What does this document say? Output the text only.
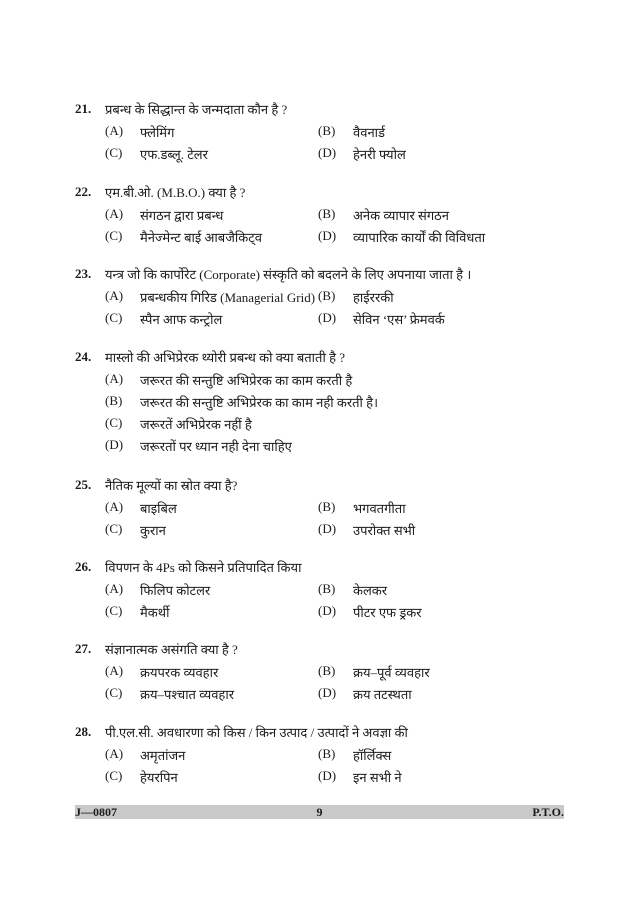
21.	प्रबन्ध के सिद्धान्त के जन्मदाता कौन है ?
(A)	फ्लेमिंग	(B)	वैवनार्ड
(C)	एफ.डब्लू. टेलर	(D)	हेनरी फ्योल
22.	एम.बी.ओ. (M.B.O.) क्या है ?
(A)	संगठन द्वारा प्रबन्ध	(B)	अनेक व्यापार संगठन
(C)	मैनेज्मेन्ट बाई आबजैकिट्व	(D)	व्यापारिक कार्यों की विविधता
23.	यन्त्र जो कि कार्पोरेट (Corporate) संस्कृति को बदलने के लिए अपनाया जाता है ।
(A)	प्रबन्धकीय गिरिड (Managerial Grid) (B)	हाईररकी
(C)	स्पैन आफ कन्ट्रोल	(D)	सेविन ‘एस’ फ्रेमवर्क
24.	मास्लो की अभिप्रेरक थ्योरी प्रबन्ध को क्या बताती है ?
(A)	जरूरत की सन्तुष्टि अभिप्रेरक का काम करती है
(B)	जरूरत की सन्तुष्टि अभिप्रेरक का काम नही करती है।
(C)	जरूरतें अभिप्रेरक नहीं है
(D)	जरूरतों पर ध्यान नही देना चाहिए
25.	नैतिक मूल्यों का स्रोत क्या है?
(A)	बाइबिल	(B)	भगवतगीता
(C)	कुरान	(D)	उपरोक्त सभी
26.	विपणन के 4Ps को किसने प्रतिपादित किया
(A)	फिलिप कोटलर	(B)	केलकर
(C)	मैकर्थी	(D)	पीटर एफ ड्रकर
27.	संज्ञानात्मक असंगति क्या है ?
(A)	क्रयपरक व्यवहार	(B)	क्रय–पूर्व व्यवहार
(C)	क्रय–पश्चात व्यवहार	(D)	क्रय तटस्थता
28.	पी.एल.सी. अवधारणा को किस / किन उत्पाद / उत्पादों ने अवज्ञा की
(A)	अमृतांजन	(B)	हॉर्लिक्स
(C)	हेयरपिन	(D)	इन सभी ने
J—0807	9	P.T.O.
